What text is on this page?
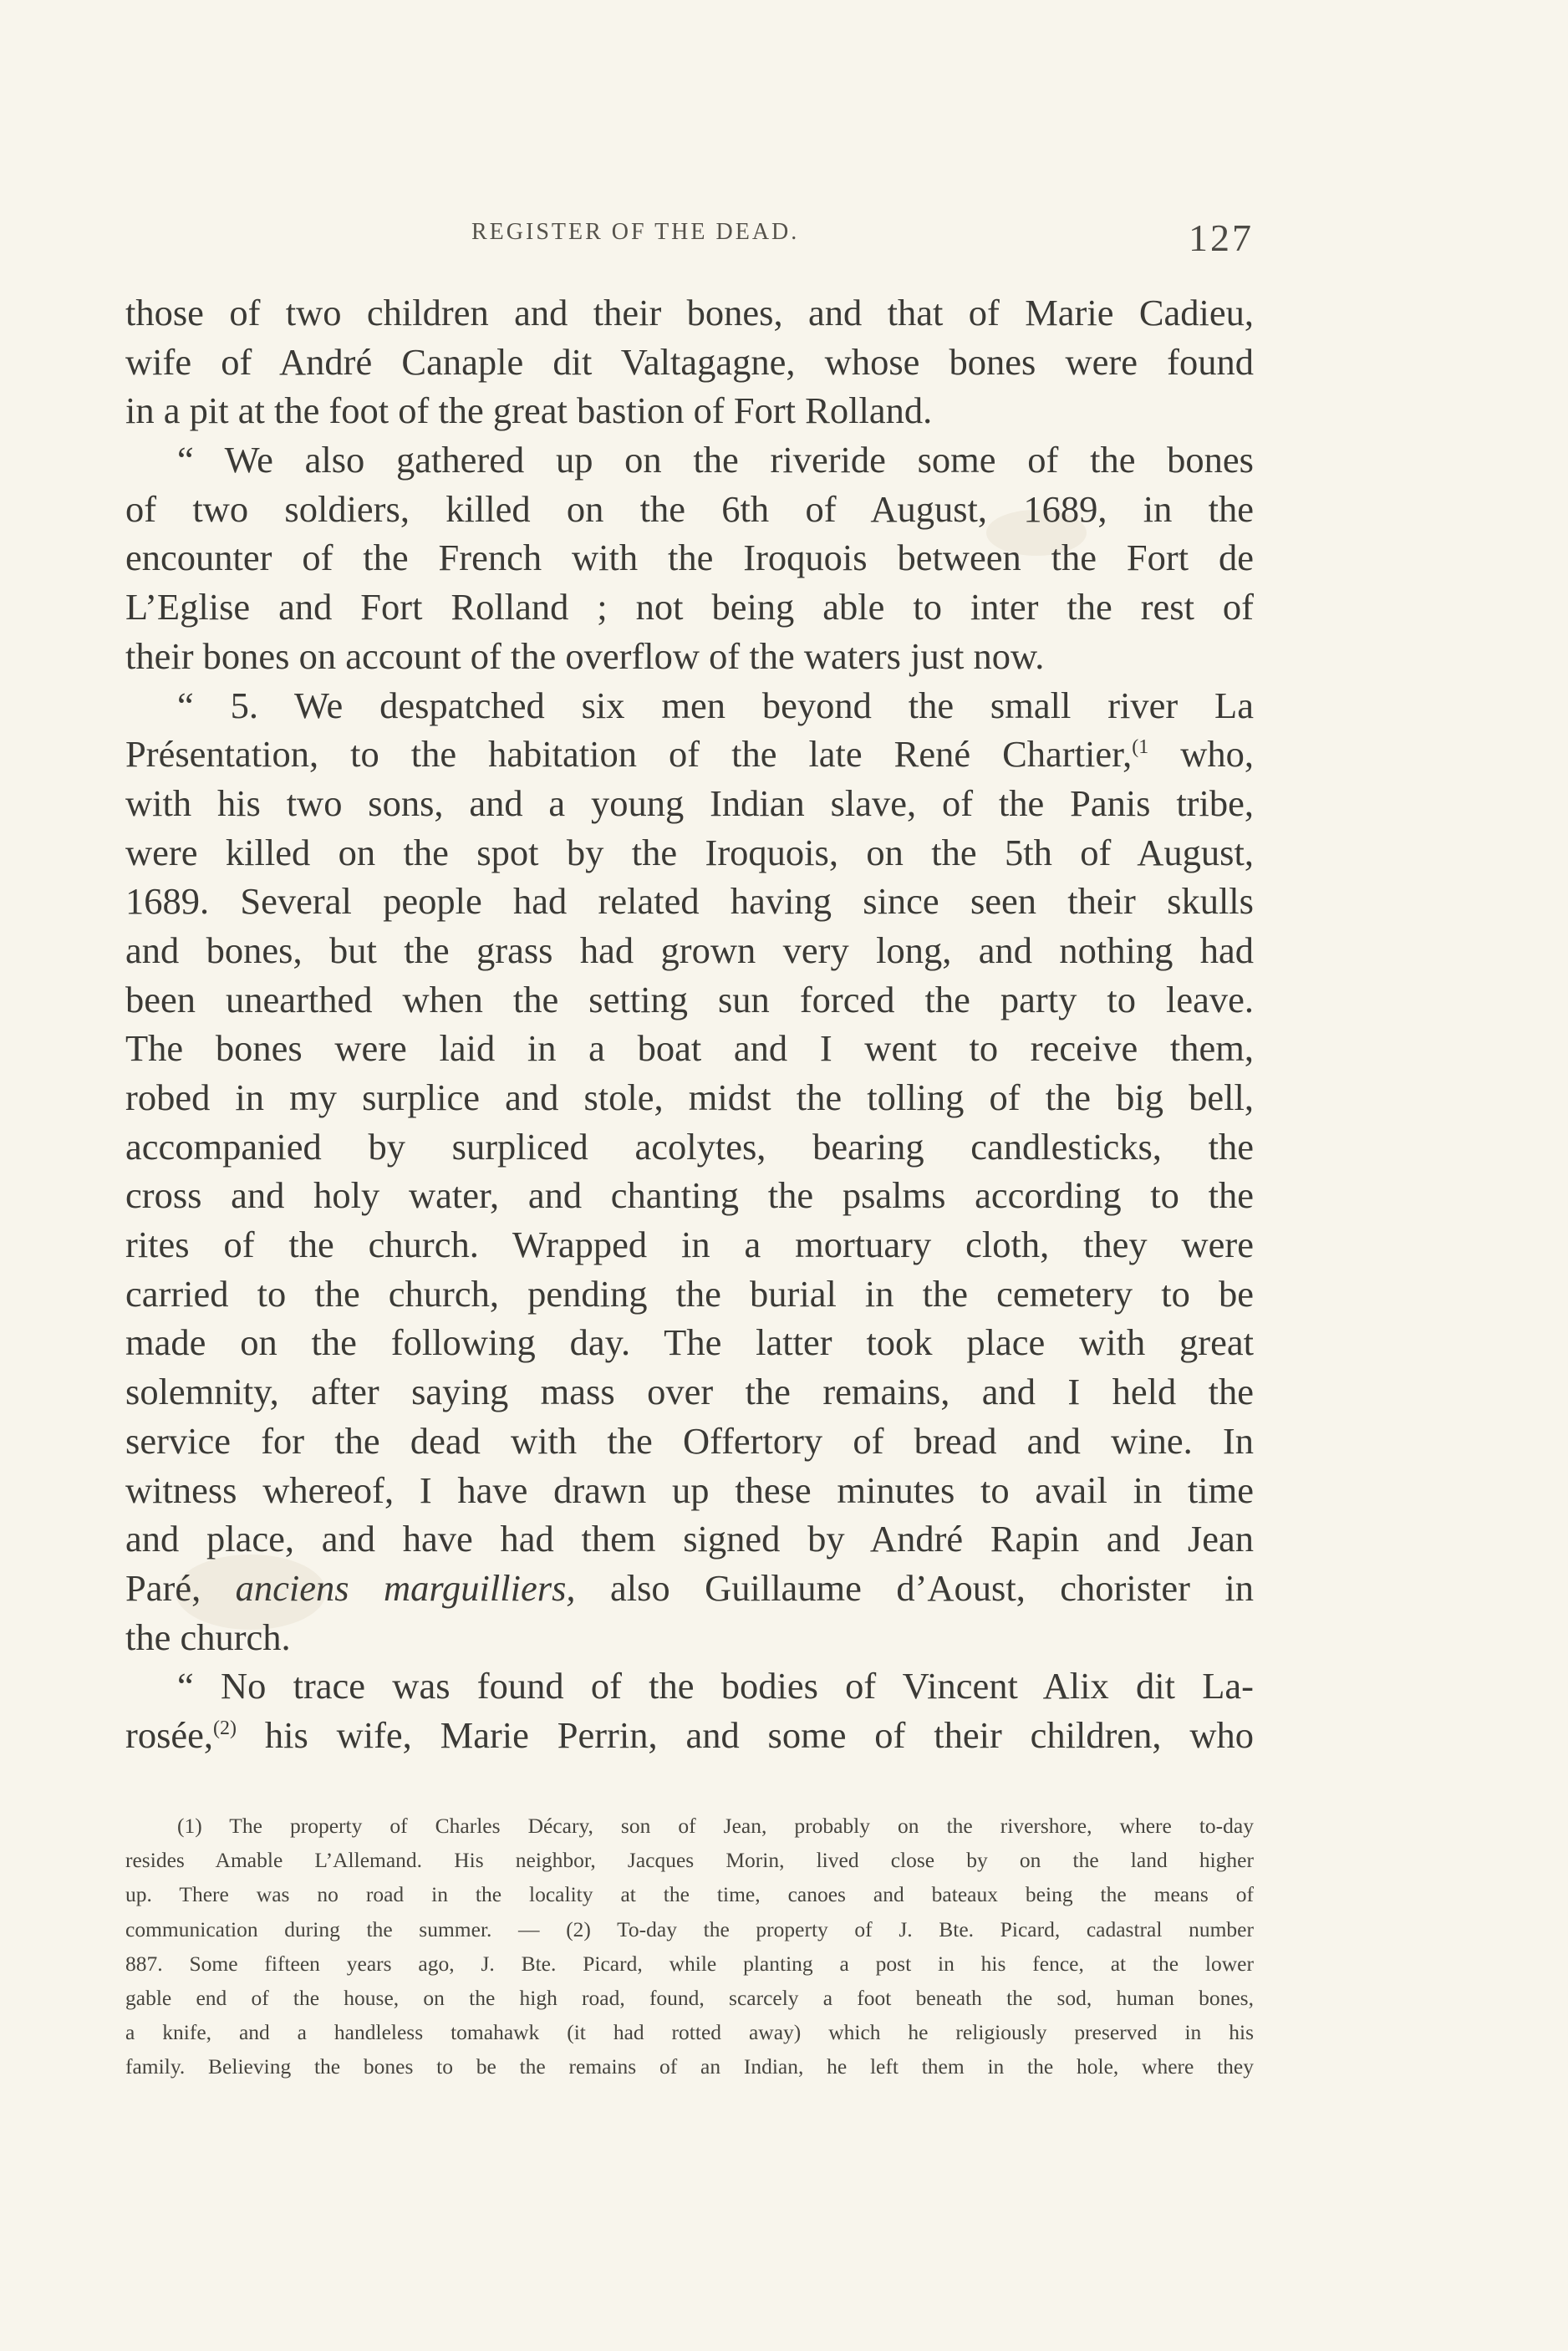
REGISTER OF THE DEAD.	127
those of two children and their bones, and that of Marie Cadieu,
wife of André Canaple dit Valtagagne, whose bones were found
in a pit at the foot of the great bastion of Fort Rolland.
“ We also gathered up on the riveride some of the bones
of two soldiers, killed on the 6th of August, 1689, in the
encounter of the French with the Iroquois between the Fort de
L’Eglise and Fort Rolland ; not being able to inter the rest of
their bones on account of the overflow of the waters just now.
“ 5. We despatched six men beyond the small river La
Présentation, to the habitation of the late René Chartier,$^{(1}$ who,
with his two sons, and a young Indian slave, of the Panis tribe,
were killed on the spot by the Iroquois, on the 5th of August,
1689. Several people had related having since seen their skulls
and bones, but the grass had grown very long, and nothing had
been unearthed when the setting sun forced the party to leave.
The bones were laid in a boat and I went to receive them,
robed in my surplice and stole, midst the tolling of the big bell,
accompanied by surpliced acolytes, bearing candlesticks, the
cross and holy water, and chanting the psalms according to the
rites of the church. Wrapped in a mortuary cloth, they were
carried to the church, pending the burial in the cemetery to be
made on the following day. The latter took place with great
solemnity, after saying mass over the remains, and I held the
service for the dead with the Offertory of bread and wine. In
witness whereof, I have drawn up these minutes to avail in time
and place, and have had them signed by André Rapin and Jean
Paré, anciens marguilliers, also Guillaume d’Aoust, chorister in
the church.
“ No trace was found of the bodies of Vincent Alix dit La-
rosée,$^{(2)}$ his wife, Marie Perrin, and some of their children, who
(1) The property of Charles Décary, son of Jean, probably on the rivershore, where to-day
resides Amable L’Allemand. His neighbor, Jacques Morin, lived close by on the land higher
up. There was no road in the locality at the time, canoes and bateaux being the means of
communication during the summer. — (2) To-day the property of J. Bte. Picard, cadastral number
887. Some fifteen years ago, J. Bte. Picard, while planting a post in his fence, at the lower
gable end of the house, on the high road, found, scarcely a foot beneath the sod, human bones,
a knife, and a handleless tomahawk (it had rotted away) which he religiously preserved in his
family. Believing the bones to be the remains of an Indian, he left them in the hole, where they
